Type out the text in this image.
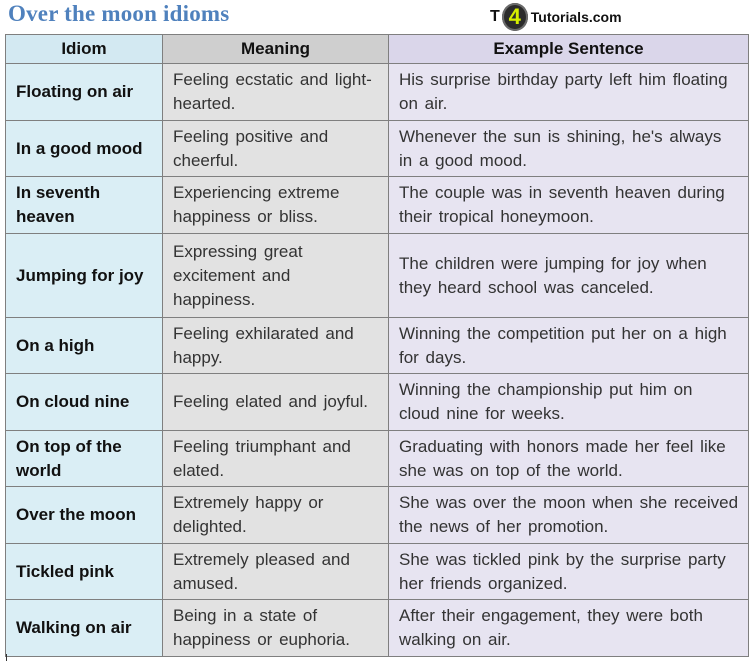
Over the moon idioms	T 4 Tutorials.com
Idiom	Meaning	Example Sentence
Floating on air	Feeling ecstatic and light-hearted.	His surprise birthday party left him floating on air.
In a good mood	Feeling positive and cheerful.	Whenever the sun is shining, he's always in a good mood.
In seventh heaven	Experiencing extreme happiness or bliss.	The couple was in seventh heaven during their tropical honeymoon.
Jumping for joy	Expressing great excitement and happiness.	The children were jumping for joy when they heard school was canceled.
On a high	Feeling exhilarated and happy.	Winning the competition put her on a high for days.
On cloud nine	Feeling elated and joyful.	Winning the championship put him on cloud nine for weeks.
On top of the world	Feeling triumphant and elated.	Graduating with honors made her feel like she was on top of the world.
Over the moon	Extremely happy or delighted.	She was over the moon when she received the news of her promotion.
Tickled pink	Extremely pleased and amused.	She was tickled pink by the surprise party her friends organized.
Walking on air	Being in a state of happiness or euphoria.	After their engagement, they were both walking on air.
